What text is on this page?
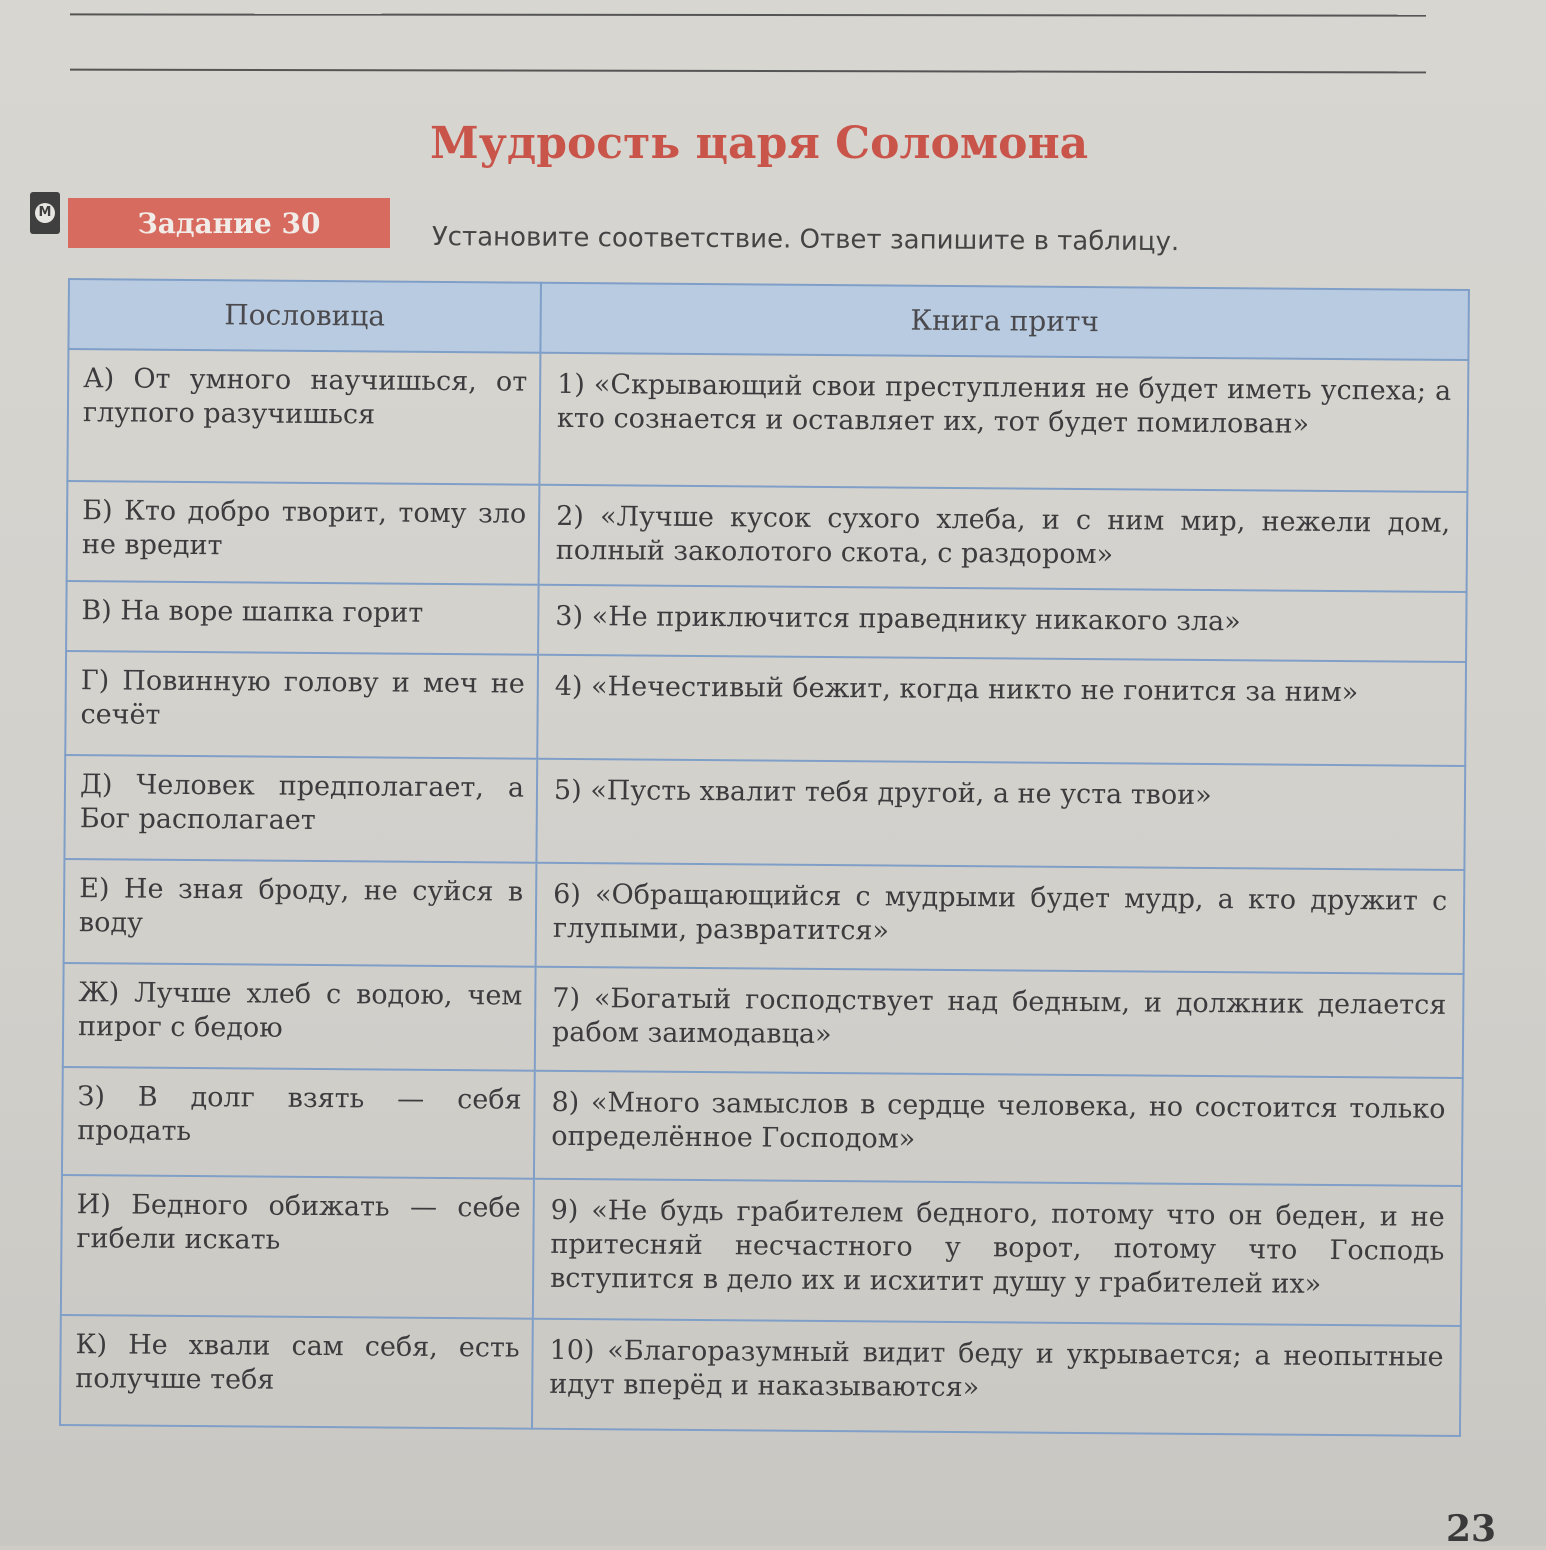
Мудрость царя Соломона
М	Задание 30	Установите соответствие. Ответ запишите в таблицу.
Пословица	Книга притч
А) От умного научишься, от глупого разучишься	1) «Скрывающий свои преступления не будет иметь успеха; а кто сознается и оставляет их, тот будет помилован»
Б) Кто добро творит, тому зло не вредит	2) «Лучше кусок сухого хлеба, и с ним мир, нежели дом, полный заколотого скота, с раздором»
В) На воре шапка горит	3) «Не приключится праведнику никакого зла»
Г) Повинную голову и меч не сечёт	4) «Нечестивый бежит, когда никто не гонится за ним»
Д) Человек предполагает, а Бог располагает	5) «Пусть хвалит тебя другой, а не уста твои»
Е) Не зная броду, не суйся в воду	6) «Обращающийся с мудрыми будет мудр, а кто дружит с глупыми, развратится»
Ж) Лучше хлеб с водою, чем пирог с бедою	7) «Богатый господствует над бедным, и должник делается рабом заимодавца»
З) В долг взять — себя продать	8) «Много замыслов в сердце человека, но состоится только определённое Господом»
И) Бедного обижать — себе гибели искать	9) «Не будь грабителем бедного, потому что он беден, и не притесняй несчастного у ворот, потому что Господь вступится в дело их и исхитит душу у грабителей их»
К) Не хвали сам себя, есть получше тебя	10) «Благоразумный видит беду и укрывается; а неопытные идут вперёд и наказываются»
23
